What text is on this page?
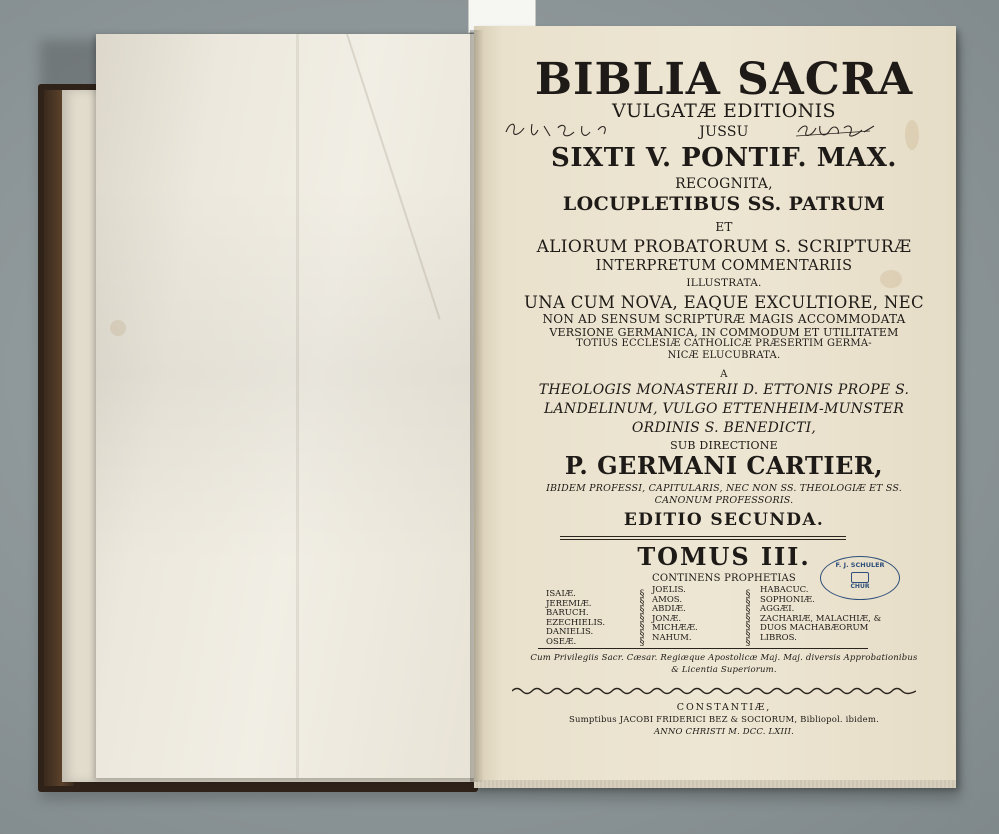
BIBLIA SACRA
VULGATÆ EDITIONIS
JUSSU
SIXTI V. PONTIF. MAX.
RECOGNITA,
LOCUPLETIBUS SS. PATRUM
ET
ALIORUM PROBATORUM S. SCRIPTURÆ
INTERPRETUM COMMENTARIIS
ILLUSTRATA.
UNA CUM NOVA, EAQUE EXCULTIORE, NEC
NON AD SENSUM SCRIPTURÆ MAGIS ACCOMMODATA
VERSIONE GERMANICA, IN COMMODUM ET UTILITATEM
TOTIUS ECCLESIÆ CATHOLICÆ PRÆSERTIM GERMA-
NICÆ ELUCUBRATA.
A
THEOLOGIS MONASTERII D. ETTONIS PROPE S.
LANDELINUM, VULGO ETTENHEIM-MUNSTER
ORDINIS S. BENEDICTI,
SUB DIRECTIONE
P. GERMANI CARTIER,
IBIDEM PROFESSI, CAPITULARIS, NEC NON SS. THEOLOGIÆ ET SS.
CANONUM PROFESSORIS.
EDITIO SECUNDA.
TOMUS III.
CONTINENS PROPHETIAS
ISAIÆ.
JEREMIÆ.
BARUCH.
EZECHIELIS.
DANIELIS.
OSEÆ.
§
§
§
§
§
§
§
JOELIS.
AMOS.
ABDIÆ.
JONÆ.
MICHÆÆ.
NAHUM.
§
§
§
§
§
§
§
HABACUC.
SOPHONIÆ.
AGGÆI.
ZACHARIÆ, MALACHIÆ, &
DUOS MACHABÆORUM
LIBROS.
Cum Privilegiis Sacr. Cæsar. Regiæque Apostolicæ Maj. Maj. diversis Approbationibus
& Licentia Superiorum.
CONSTANTIÆ,
Sumptibus JACOBI FRIDERICI BEZ & SOCIORUM, Bibliopol. ibidem.
ANNO CHRISTI M. DCC. LXIII.
F. J. SCHULER
CHUR
